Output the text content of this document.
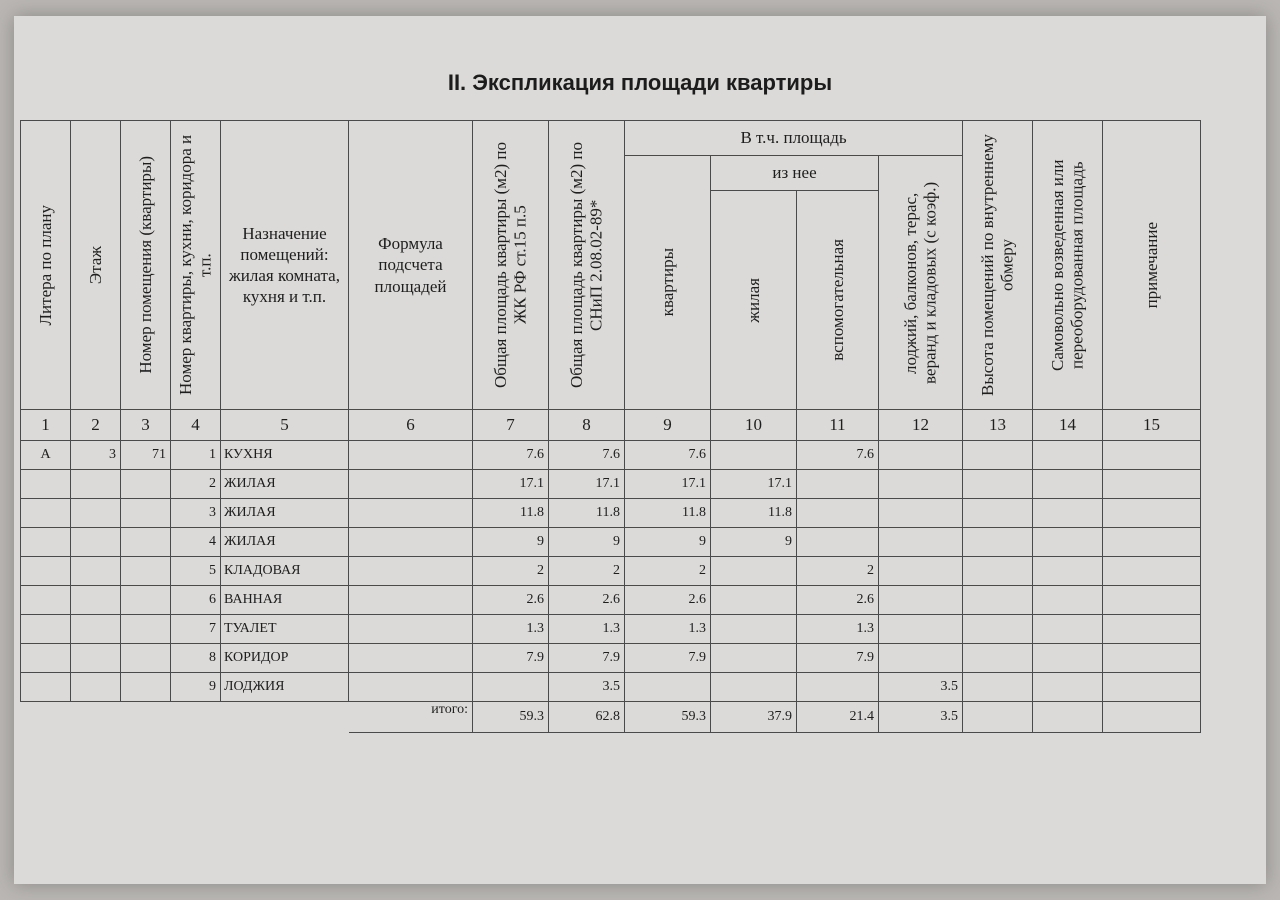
II. Экспликация площади квартиры
Литера по плану	Этаж	Номер помещения (квартиры)	Номер квартиры, кухни, коридора и т.п.	Назначение помещений: жилая комната, кухня и т.п.	Формула подсчета площадей	Общая площадь квартиры (м2) по ЖК РФ ст.15 п.5	Общая площадь квартиры (м2) по СНиП 2.08.02-89*	В т.ч. площадь				Высота помещений по внутреннему обмеру	Самовольно возведенная или переоборудованная площадь	примечание

								квартиры	из нее		лоджий, балконов, терас, веранд и кладовых (с коэф.)			

									жилая	вспомогательная				

1	2	3	4	5	6	7	8	9	10	11	12	13	14	15
А	3	71	1	КУХНЯ		7.6	7.6	7.6		7.6				
			2	ЖИЛАЯ		17.1	17.1	17.1	17.1					
			3	ЖИЛАЯ		11.8	11.8	11.8	11.8					
			4	ЖИЛАЯ		9	9	9	9					
			5	КЛАДОВАЯ		2	2	2		2				
			6	ВАННАЯ		2.6	2.6	2.6		2.6				
			7	ТУАЛЕТ		1.3	1.3	1.3		1.3				
			8	КОРИДОР		7.9	7.9	7.9		7.9				
			9	ЛОДЖИЯ			3.5				3.5			
					итого:	59.3	62.8	59.3	37.9	21.4	3.5			
